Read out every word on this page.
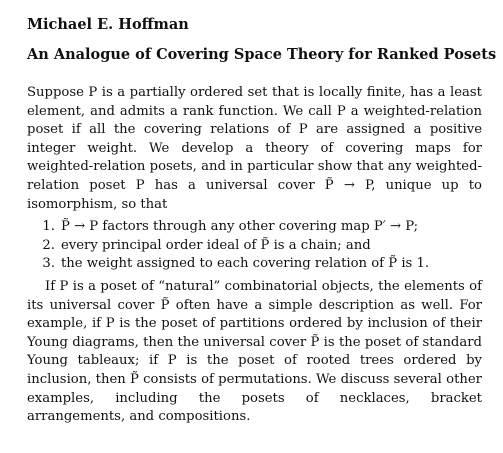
Michael E. Hoffman
An Analogue of Covering Space Theory for Ranked Posets

Suppose P is a partially ordered set that is locally finite, has a least element, and admits a rank function. We call P a weighted-relation poset if all the covering relations of P are assigned a positive integer weight. We develop a theory of covering maps for weighted-relation posets, and in particular show that any weighted-relation poset P has a universal cover P̃ → P, unique up to isomorphism, so that

1. P̃ → P factors through any other covering map P′ → P;
2. every principal order ideal of P̃ is a chain; and
3. the weight assigned to each covering relation of P̃ is 1.

If P is a poset of “natural” combinatorial objects, the elements of its universal cover P̃ often have a simple description as well. For example, if P is the poset of partitions ordered by inclusion of their Young diagrams, then the universal cover P̃ is the poset of standard Young tableaux; if P is the poset of rooted trees ordered by inclusion, then P̃ consists of permutations. We discuss several other examples, including the posets of necklaces, bracket arrangements, and compositions.
